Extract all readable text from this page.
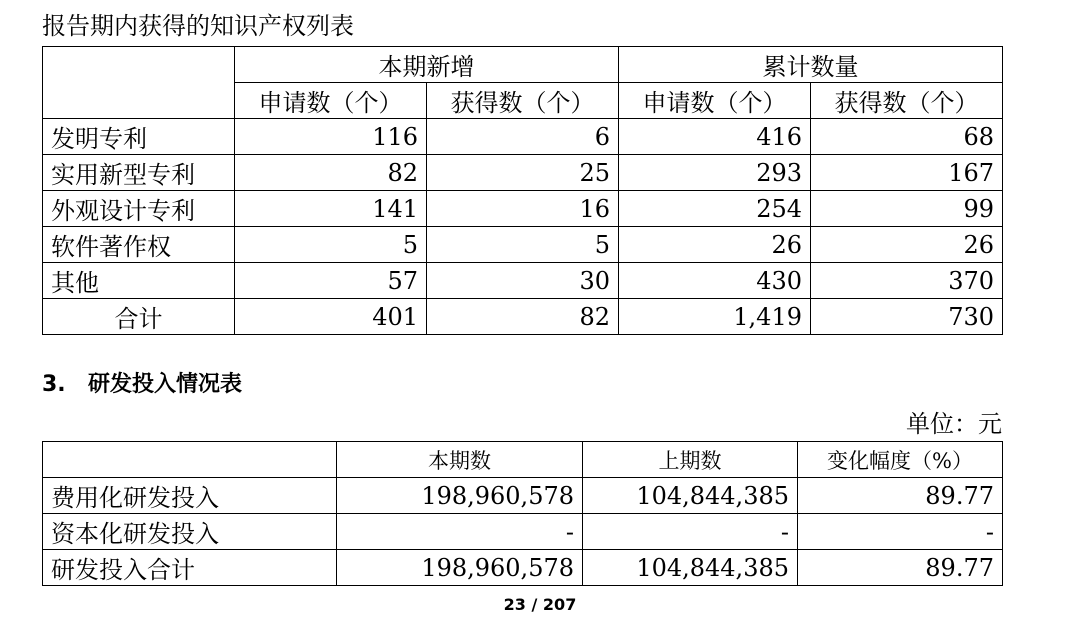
报告期内获得的知识产权列表
	本期新增		累计数量	
	申请数（个）	获得数（个）	申请数（个）	获得数（个）
发明专利	116	6	416	68
实用新型专利	82	25	293	167
外观设计专利	141	16	254	99
软件著作权	5	5	26	26
其他	57	30	430	370
合计	401	82	1,419	730
3. 研发投入情况表
单位：元
	本期数	上期数	变化幅度（%）
费用化研发投入	198,960,578	104,844,385	89.77
资本化研发投入	-	-	-
研发投入合计	198,960,578	104,844,385	89.77
23 / 207
